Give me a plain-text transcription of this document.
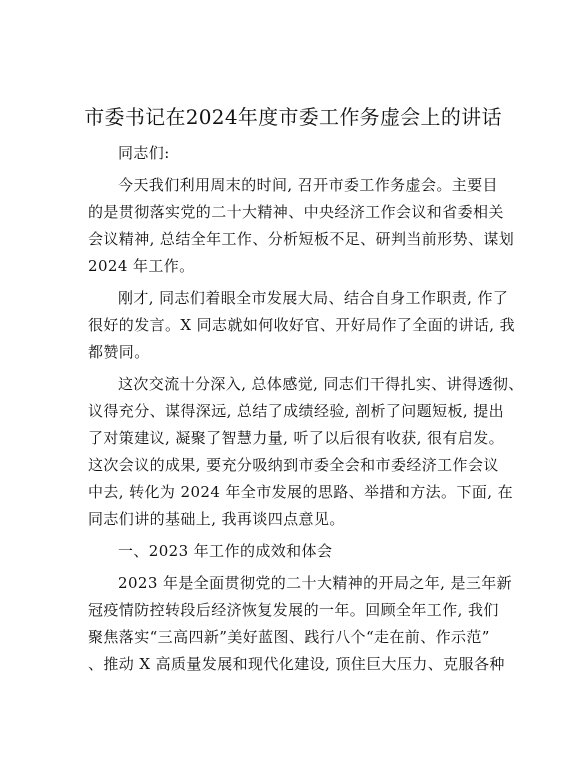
市委书记在2024年度市委工作务虚会上的讲话
同志们:
今天我们利用周末的时间, 召开市委工作务虚会。主要目
的是贯彻落实党的二十大精神、中央经济工作会议和省委相关
会议精神, 总结全年工作、分析短板不足、研判当前形势、谋划
2024 年工作。
刚才, 同志们着眼全市发展大局、结合自身工作职责, 作了
很好的发言。X 同志就如何收好官、开好局作了全面的讲话, 我
都赞同。
这次交流十分深入, 总体感觉, 同志们干得扎实、讲得透彻、
议得充分、谋得深远, 总结了成绩经验, 剖析了问题短板, 提出
了对策建议, 凝聚了智慧力量, 听了以后很有收获, 很有启发。
这次会议的成果, 要充分吸纳到市委全会和市委经济工作会议
中去, 转化为 2024 年全市发展的思路、举措和方法。下面, 在
同志们讲的基础上, 我再谈四点意见。
一、2023 年工作的成效和体会
2023 年是全面贯彻党的二十大精神的开局之年, 是三年新
冠疫情防控转段后经济恢复发展的一年。回顾全年工作, 我们
聚焦落实“三高四新”美好蓝图、践行八个“走在前、作示范”
、推动 X 高质量发展和现代化建设, 顶住巨大压力、克服各种
